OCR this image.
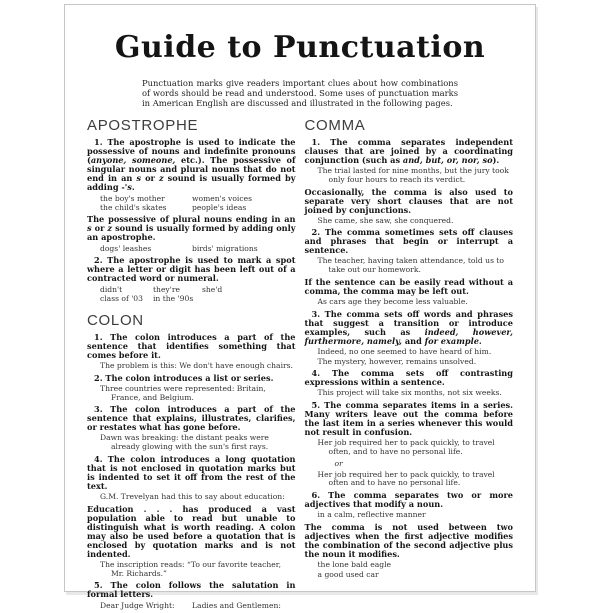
Guide to Punctuation

Punctuation marks give readers important clues about how combinations of words should be read and understood. Some uses of punctuation marks in American English are discussed and illustrated in the following pages.

APOSTROPHE

1. The apostrophe is used to indicate the possessive of nouns and indefinite pronouns (anyone, someone, etc.). The possessive of singular nouns and plural nouns that do not end in an s or z sound is usually formed by adding -'s.

the boy's mother	women's voices
the child's skates	people's ideas

The possessive of plural nouns ending in an s or z sound is usually formed by adding only an apostrophe.

dogs' leashes	birds' migrations

2. The apostrophe is used to mark a spot where a letter or digit has been left out of a contracted word or numeral.

didn't	they're	she'd
class of '03	in the '90s
COLON

1. The colon introduces a part of the sentence that identifies something that comes before it.

The problem is this: We don't have enough chairs.

2. The colon introduces a list or series.

Three countries were represented: Britain, France, and Belgium.

3. The colon introduces a part of the sentence that explains, illustrates, clarifies, or restates what has gone before.

Dawn was breaking: the distant peaks were already glowing with the sun's first rays.

4. The colon introduces a long quotation that is not enclosed in quotation marks but is indented to set it off from the rest of the text.

G.M. Trevelyan had this to say about education:

Education . . . has produced a vast population able to read but unable to distinguish what is worth reading. A colon may also be used before a quotation that is enclosed by quotation marks and is not indented.

The inscription reads: “To our favorite teacher, Mr. Richards.”

5. The colon follows the salutation in formal letters.

Dear Judge Wright:	Ladies and Gentlemen:
COMMA

1. The comma separates independent clauses that are joined by a coordinating conjunction (such as and, but, or, nor, so).

The trial lasted for nine months, but the jury took only four hours to reach its verdict.

Occasionally, the comma is also used to separate very short clauses that are not joined by conjunctions.

She came, she saw, she conquered.

2. The comma sometimes sets off clauses and phrases that begin or interrupt a sentence.

The teacher, having taken attendance, told us to take out our homework.

If the sentence can be easily read without a comma, the comma may be left out.

As cars age they become less valuable.

3. The comma sets off words and phrases that suggest a transition or introduce examples, such as indeed, however, furthermore, namely, and for example.

Indeed, no one seemed to have heard of him.
The mystery, however, remains unsolved.

4. The comma sets off contrasting expressions within a sentence.

This project will take six months, not six weeks.

5. The comma separates items in a series. Many writers leave out the comma before the last item in a series whenever this would not result in confusion.

Her job required her to pack quickly, to travel often, and to have no personal life.
or
Her job required her to pack quickly, to travel often and to have no personal life.

6. The comma separates two or more adjectives that modify a noun.

in a calm, reflective manner

The comma is not used between two adjectives when the first adjective modifies the combination of the second adjective plus the noun it modifies.

the lone bald eagle
a good used car
